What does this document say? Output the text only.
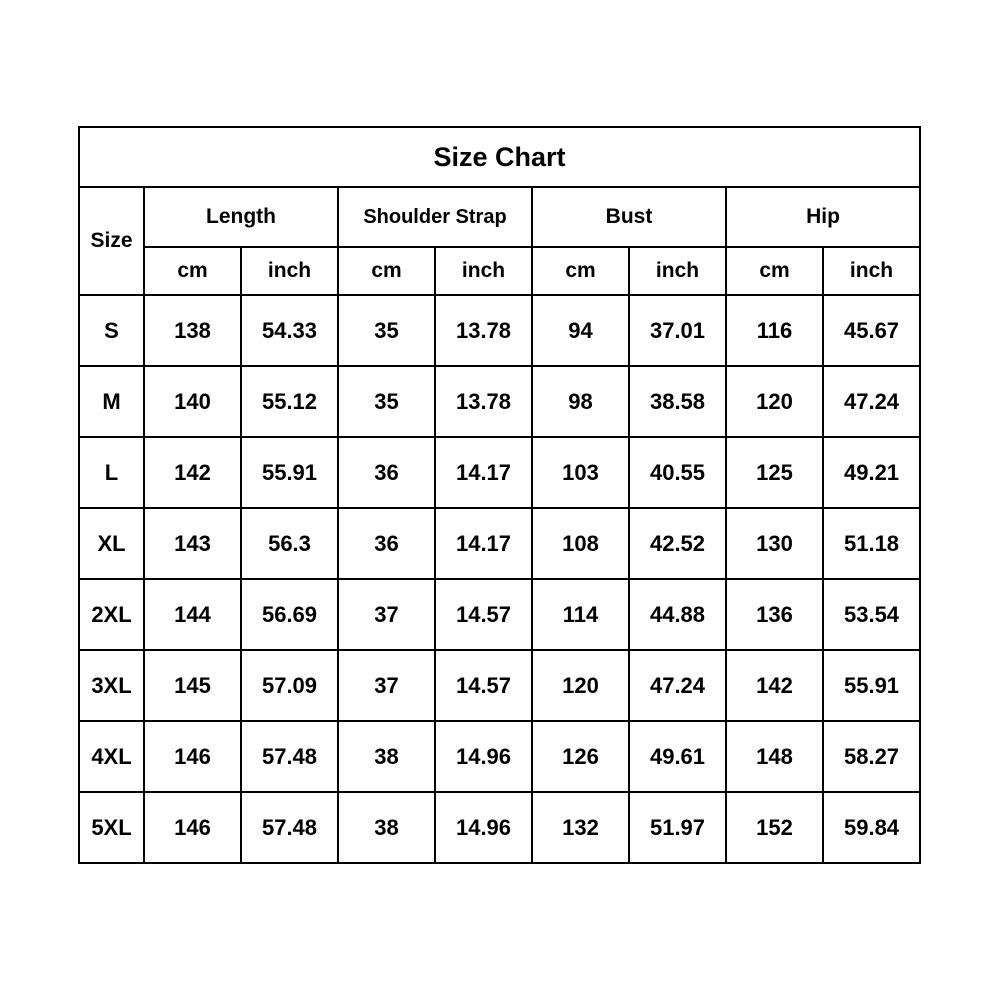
Size Chart								
Size	Length		Shoulder Strap		Bust		Hip	
	cm	inch	cm	inch	cm	inch	cm	inch
S	138	54.33	35	13.78	94	37.01	116	45.67
M	140	55.12	35	13.78	98	38.58	120	47.24
L	142	55.91	36	14.17	103	40.55	125	49.21
XL	143	56.3	36	14.17	108	42.52	130	51.18
2XL	144	56.69	37	14.57	114	44.88	136	53.54
3XL	145	57.09	37	14.57	120	47.24	142	55.91
4XL	146	57.48	38	14.96	126	49.61	148	58.27
5XL	146	57.48	38	14.96	132	51.97	152	59.84
